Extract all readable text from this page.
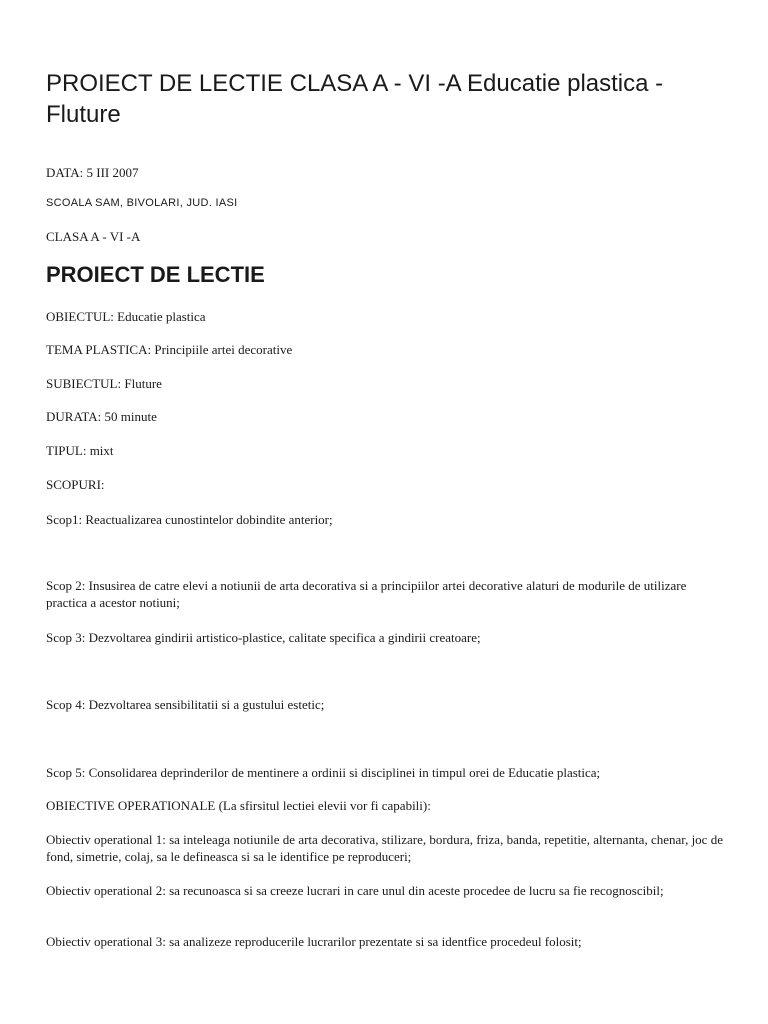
PROIECT DE LECTIE CLASA A - VI -A Educatie plastica - Fluture

DATA: 5 III 2007

SCOALA SAM, BIVOLARI, JUD. IASI

CLASA A - VI -A

PROIECT DE LECTIE

OBIECTUL: Educatie plastica

TEMA PLASTICA: Principiile artei decorative

SUBIECTUL: Fluture

DURATA: 50 minute

TIPUL: mixt

SCOPURI:

Scop1: Reactualizarea cunostintelor dobindite anterior;

Scop 2: Insusirea de catre elevi a notiunii de arta decorativa si a principiilor artei decorative alaturi de modurile de utilizare practica a acestor notiuni;

Scop 3: Dezvoltarea gindirii artistico-plastice, calitate specifica a gindirii creatoare;

Scop 4: Dezvoltarea sensibilitatii si a gustului estetic;

Scop 5: Consolidarea deprinderilor de mentinere a ordinii si disciplinei in timpul orei de Educatie plastica;

OBIECTIVE OPERATIONALE (La sfirsitul lectiei elevii vor fi capabili):

Obiectiv operational 1: sa inteleaga notiunile de arta decorativa, stilizare, bordura, friza, banda, repetitie, alternanta, chenar, joc de fond, simetrie, colaj, sa le defineasca si sa le identifice pe reproduceri;

Obiectiv operational 2: sa recunoasca si sa creeze lucrari in care unul din aceste procedee de lucru sa fie recognoscibil;

Obiectiv operational 3: sa analizeze reproducerile lucrarilor prezentate si sa identfice procedeul folosit;
